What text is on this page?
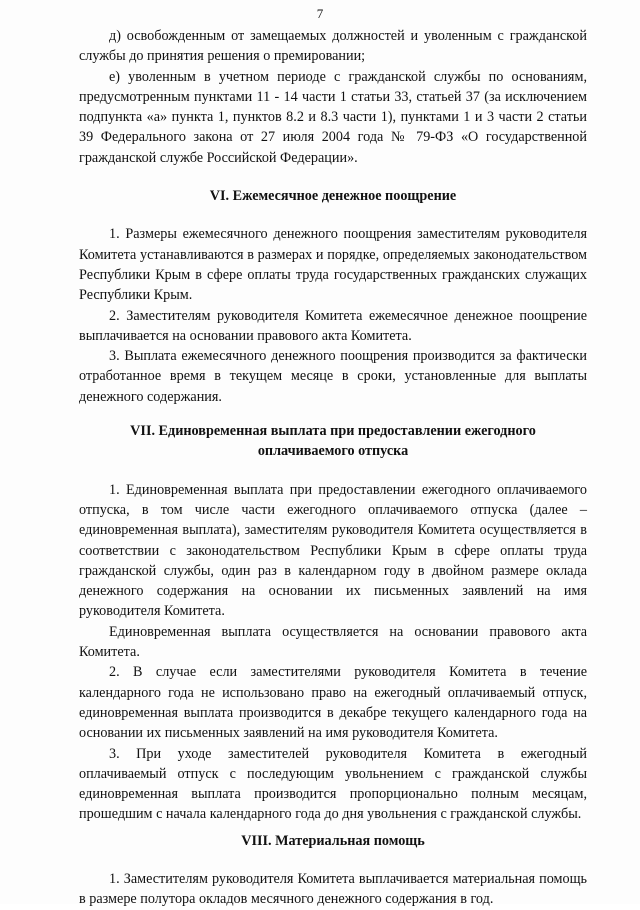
7

д) освобожденным от замещаемых должностей и уволенным с гражданской службы до принятия решения о премировании;

е) уволенным в учетном периоде с гражданской службы по основаниям, предусмотренным пунктами 11 - 14 части 1 статьи 33, статьей 37 (за исключением подпункта «а» пункта 1, пунктов 8.2 и 8.3 части 1), пунктами 1 и 3 части 2 статьи 39 Федерального закона от 27 июля 2004 года № 79-ФЗ «О государственной гражданской службе Российской Федерации».

VI. Ежемесячное денежное поощрение

1. Размеры ежемесячного денежного поощрения заместителям руководителя Комитета устанавливаются в размерах и порядке, определяемых законодательством Республики Крым в сфере оплаты труда государственных гражданских служащих Республики Крым.

2. Заместителям руководителя Комитета ежемесячное денежное поощрение выплачивается на основании правового акта Комитета.

3. Выплата ежемесячного денежного поощрения производится за фактически отработанное время в текущем месяце в сроки, установленные для выплаты денежного содержания.

VII. Единовременная выплата при предоставлении ежегодного
оплачиваемого отпуска

1. Единовременная выплата при предоставлении ежегодного оплачиваемого отпуска, в том числе части ежегодного оплачиваемого отпуска (далее – единовременная выплата), заместителям руководителя Комитета осуществляется в соответствии с законодательством Республики Крым в сфере оплаты труда гражданской службы, один раз в календарном году в двойном размере оклада денежного содержания на основании их письменных заявлений на имя руководителя Комитета.

Единовременная выплата осуществляется на основании правового акта Комитета.

2. В случае если заместителями руководителя Комитета в течение календарного года не использовано право на ежегодный оплачиваемый отпуск, единовременная выплата производится в декабре текущего календарного года на основании их письменных заявлений на имя руководителя Комитета.

3. При уходе заместителей руководителя Комитета в ежегодный оплачиваемый отпуск с последующим увольнением с гражданской службы единовременная выплата производится пропорционально полным месяцам, прошедшим с начала календарного года до дня увольнения с гражданской службы.

VIII. Материальная помощь

1. Заместителям руководителя Комитета выплачивается материальная помощь в размере полутора окладов месячного денежного содержания в год.
